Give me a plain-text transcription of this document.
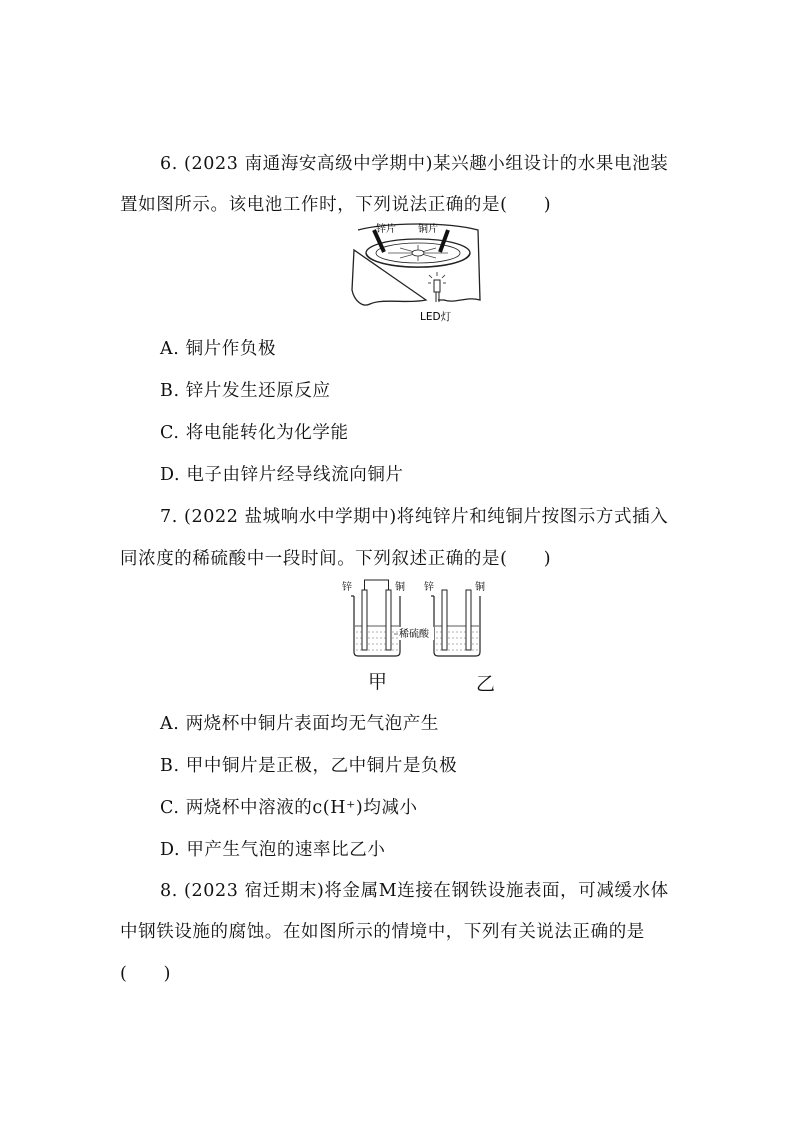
6. (2023 南通海安高级中学期中)某兴趣小组设计的水果电池装
置如图所示。该电池工作时，下列说法正确的是(　　)
锌片 铜片
LED灯
A. 铜片作负极
B. 锌片发生还原反应
C. 将电能转化为化学能
D. 电子由锌片经导线流向铜片
7. (2022 盐城响水中学期中)将纯锌片和纯铜片按图示方式插入
同浓度的稀硫酸中一段时间。下列叙述正确的是(　　)
锌	铜 锌	铜
稀硫酸
甲	乙
A. 两烧杯中铜片表面均无气泡产生
B. 甲中铜片是正极，乙中铜片是负极
C. 两烧杯中溶液的c(H⁺)均减小
D. 甲产生气泡的速率比乙小
8. (2023 宿迁期末)将金属M连接在钢铁设施表面，可减缓水体
中钢铁设施的腐蚀。在如图所示的情境中，下列有关说法正确的是
(　　)
